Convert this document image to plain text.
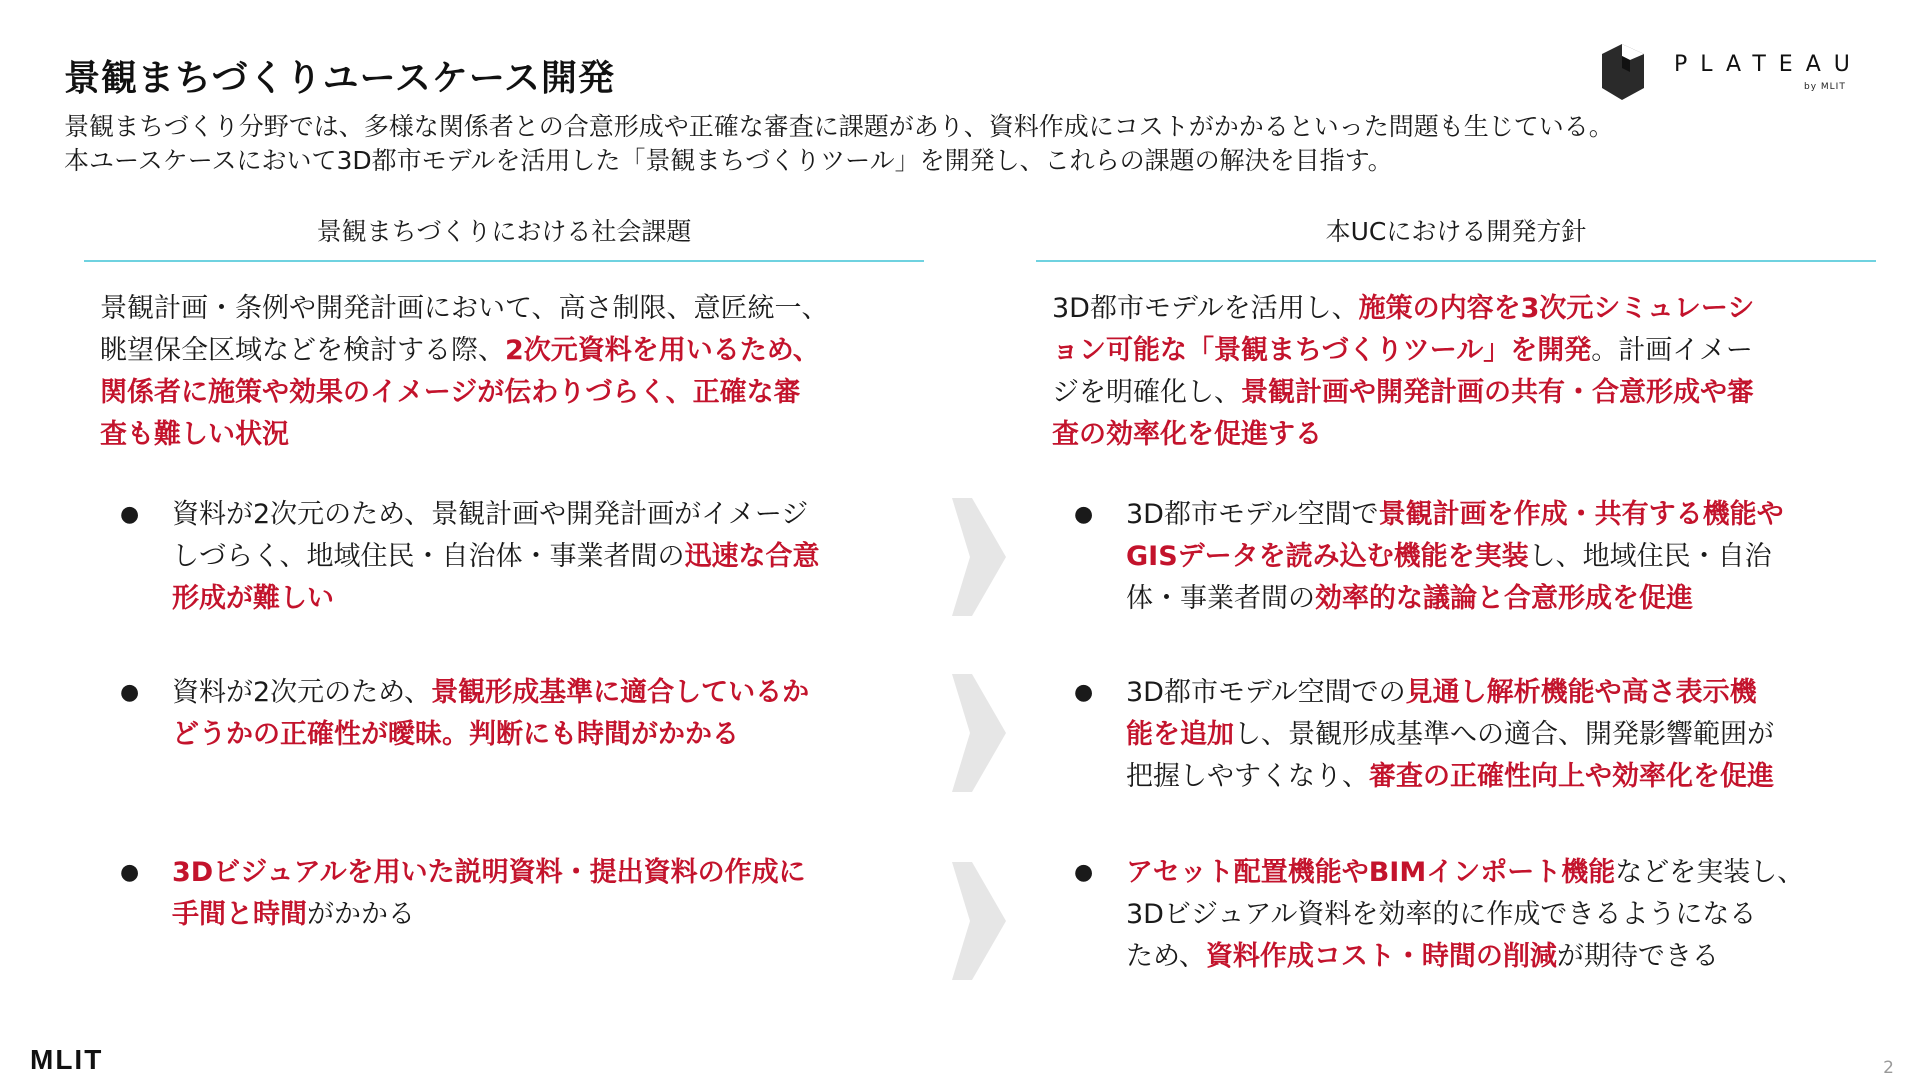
景観まちづくりユースケース開発
景観まちづくり分野では、多様な関係者との合意形成や正確な審査に課題があり、資料作成にコストがかかるといった問題も生じている。
本ユースケースにおいて3D都市モデルを活用した「景観まちづくりツール」を開発し、これらの課題の解決を目指す。
PLATEAU
by MLIT
景観まちづくりにおける社会課題
景観計画・条例や開発計画において、高さ制限、意匠統一、
眺望保全区域などを検討する際、2次元資料を用いるため、
関係者に施策や効果のイメージが伝わりづらく、正確な審
査も難しい状況
●	資料が2次元のため、景観計画や開発計画がイメージ
しづらく、地域住民・自治体・事業者間の迅速な合意
形成が難しい
●	資料が2次元のため、景観形成基準に適合しているか
どうかの正確性が曖昧。判断にも時間がかかる
●	3Dビジュアルを用いた説明資料・提出資料の作成に
手間と時間がかかる
本UCにおける開発方針
3D都市モデルを活用し、施策の内容を3次元シミュレーシ
ョン可能な「景観まちづくりツール」を開発。計画イメー
ジを明確化し、景観計画や開発計画の共有・合意形成や審
査の効率化を促進する
●	3D都市モデル空間で景観計画を作成・共有する機能や
GISデータを読み込む機能を実装し、地域住民・自治
体・事業者間の効率的な議論と合意形成を促進
●	3D都市モデル空間での見通し解析機能や高さ表示機
能を追加し、景観形成基準への適合、開発影響範囲が
把握しやすくなり、審査の正確性向上や効率化を促進
●	アセット配置機能やBIMインポート機能などを実装し、
3Dビジュアル資料を効率的に作成できるようになる
ため、資料作成コスト・時間の削減が期待できる
MLIT	2
